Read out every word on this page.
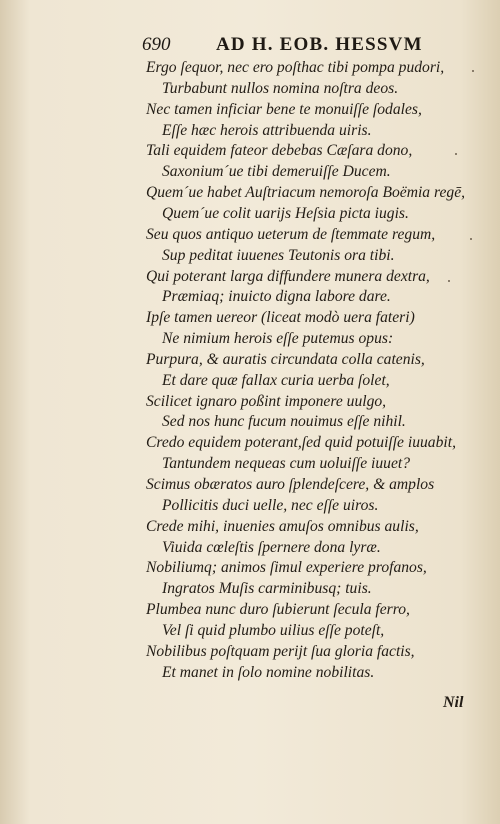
690 AD H. EOB. HESSVM
Ergo ſequor, nec ero poſthac tibi pompa pudori,
Turbabunt nullos nomina noſtra deos.
Nec tamen inficiar bene te monuiſſe ſodales,
Eſſe hæc herois attribuenda uiris.
Tali equidem fateor debebas Cæſara dono,
Saxonium´ue tibi demeruiſſe Ducem.
Quem´ue habet Auſtriacum nemoroſa Boëmia regē,
Quem´ue colit uarijs Heſsia picta iugis.
Seu quos antiquo ueterum de ſtemmate regum,
Sup peditat iuuenes Teutonis ora tibi.
Qui poterant larga diffundere munera dextra,
Præmiaq; inuicto digna labore dare.
Ipſe tamen uereor (liceat modò uera fateri)
Ne nimium herois eſſe putemus opus:
Purpura, & auratis circundata colla catenis,
Et dare quæ fallax curia uerba ſolet,
Scilicet ignaro poßint imponere uulgo,
Sed nos hunc fucum nouimus eſſe nihil.
Credo equidem poterant,ſed quid potuiſſe iuuabit,
Tantundem nequeas cum uoluiſſe iuuet?
Scimus obæratos auro ſplendeſcere, & amplos
Pollicitis duci uelle, nec eſſe uiros.
Crede mihi, inuenies amuſos omnibus aulis,
Viuida cœleſtis ſpernere dona lyræ.
Nobiliumq; animos ſimul experiere profanos,
Ingratos Muſis carminibusq; tuis.
Plumbea nunc duro ſubierunt ſecula ferro,
Vel ſi quid plumbo uilius eſſe poteſt,
Nobilibus poſtquam perijt ſua gloria factis,
Et manet in ſolo nomine nobilitas.
Nil
